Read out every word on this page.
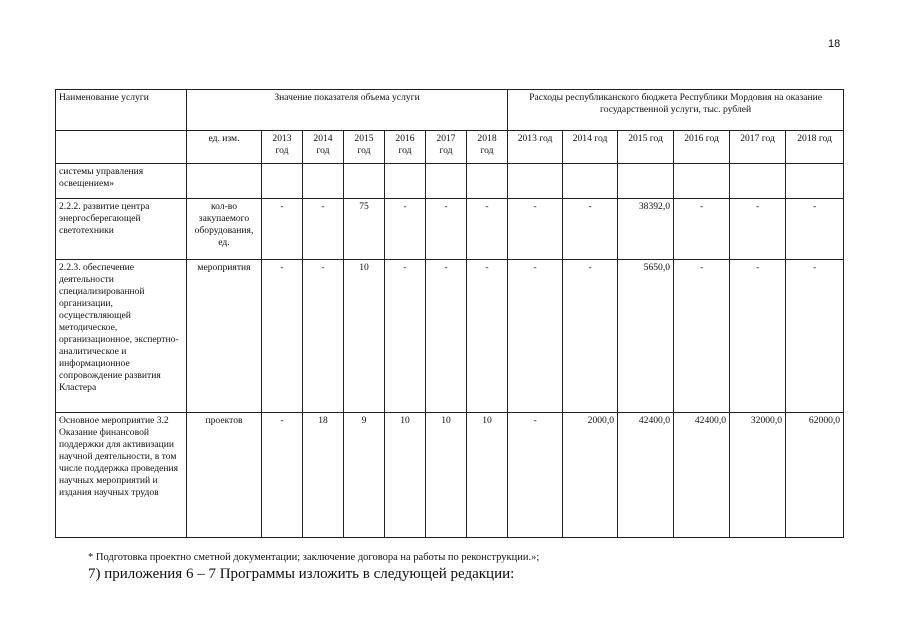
18
Наименование услуги	Значение показателя объема услуги							Расходы республиканского бюджета Республики Мордовия на оказание государственной услуги, тыс. рублей					
	ед. изм.	2013 год	2014 год	2015 год	2016 год	2017 год	2018 год	2013 год	2014 год	2015 год	2016 год	2017 год	2018 год
системы управления освещением»													
2.2.2. развитие центра энергосберегающей светотехники	кол-во закупаемого оборудования, ед.	-	-	75	-	-	-	-	-	38392,0	-	-	-
2.2.3. обеспечение деятельности специализированной организации, осуществляющей методическое, организационное, экспертно-аналитическое и информационное сопровождение развития Кластера	мероприятия	-	-	10	-	-	-	-	-	5650,0	-	-	-
Основное мероприятие 3.2 Оказание финансовой поддержки для активизации научной деятельности, в том числе поддержка проведения научных мероприятий и издания научных трудов	проектов	-	18	9	10	10	10	-	2000,0	42400,0	42400,0	32000,0	62000,0
* Подготовка проектно сметной документации; заключение договора на работы по реконструкции.»;
7) приложения 6 – 7 Программы изложить в следующей редакции:
